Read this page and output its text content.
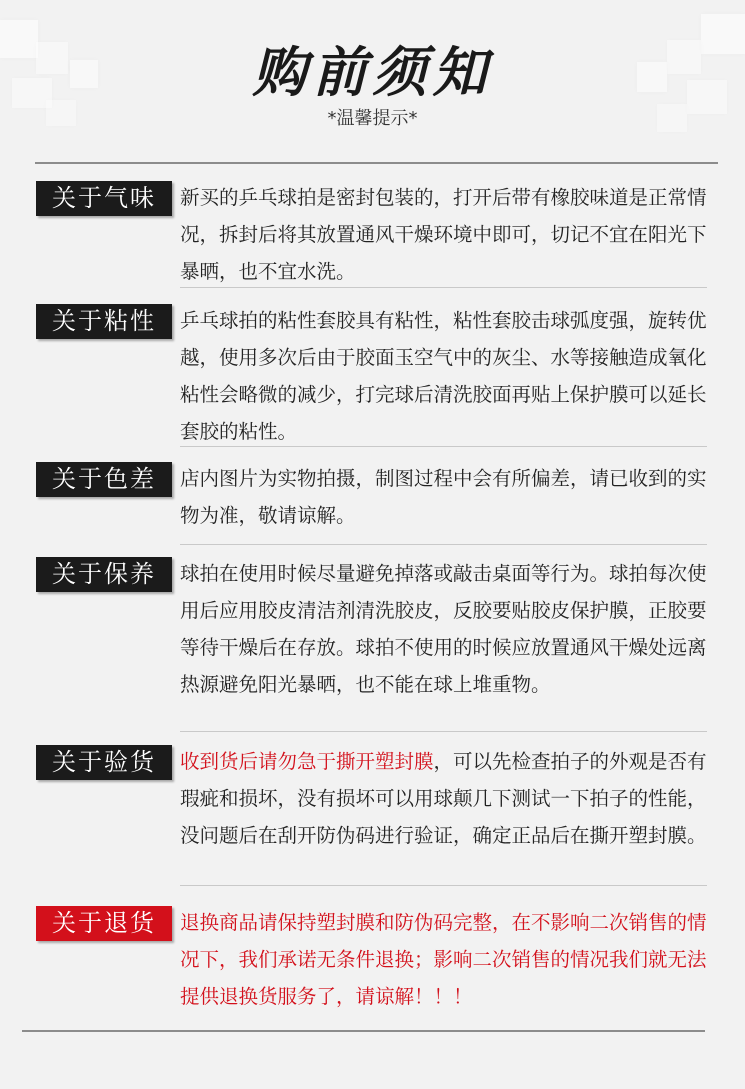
购前须知
*温馨提示*
关于气味	新买的乒乓球拍是密封包装的，打开后带有橡胶味道是正常情况，拆封后将其放置通风干燥环境中即可，切记不宜在阳光下暴晒，也不宜水洗。
关于粘性	乒乓球拍的粘性套胶具有粘性，粘性套胶击球弧度强，旋转优越，使用多次后由于胶面玉空气中的灰尘、水等接触造成氧化粘性会略微的减少，打完球后清洗胶面再贴上保护膜可以延长套胶的粘性。
关于色差	店内图片为实物拍摄，制图过程中会有所偏差，请已收到的实物为准，敬请谅解。
关于保养	球拍在使用时候尽量避免掉落或敲击桌面等行为。球拍每次使用后应用胶皮清洁剂清洗胶皮，反胶要贴胶皮保护膜，正胶要等待干燥后在存放。球拍不使用的时候应放置通风干燥处远离热源避免阳光暴晒，也不能在球上堆重物。
关于验货	收到货后请勿急于撕开塑封膜，可以先检查拍子的外观是否有瑕疵和损坏，没有损坏可以用球颠几下测试一下拍子的性能，没问题后在刮开防伪码进行验证，确定正品后在撕开塑封膜。
关于退货	退换商品请保持塑封膜和防伪码完整，在不影响二次销售的情况下，我们承诺无条件退换；影响二次销售的情况我们就无法提供退换货服务了，请谅解！！！
